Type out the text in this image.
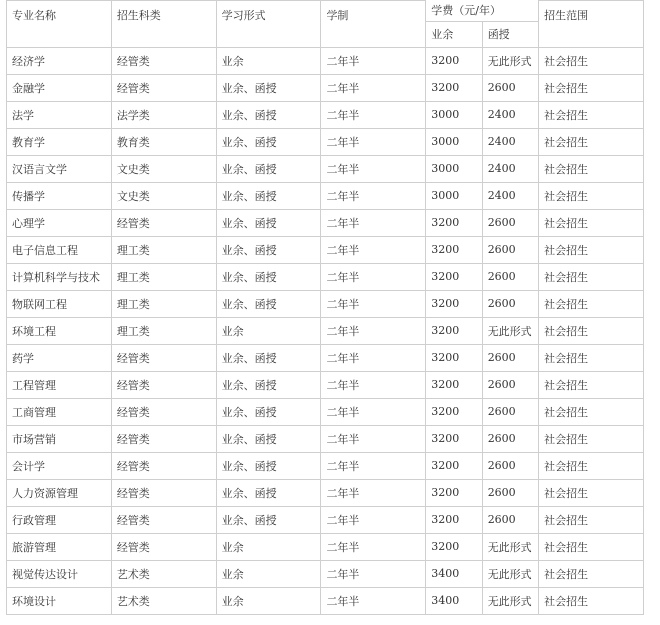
专业名称	招生科类	学习形式	学制	学费（元/年）		招生范围
				业余	函授	
经济学	经管类	业余	二年半	3200	无此形式	社会招生
金融学	经管类	业余、函授	二年半	3200	2600	社会招生
法学	法学类	业余、函授	二年半	3000	2400	社会招生
教育学	教育类	业余、函授	二年半	3000	2400	社会招生
汉语言文学	文史类	业余、函授	二年半	3000	2400	社会招生
传播学	文史类	业余、函授	二年半	3000	2400	社会招生
心理学	经管类	业余、函授	二年半	3200	2600	社会招生
电子信息工程	理工类	业余、函授	二年半	3200	2600	社会招生
计算机科学与技术	理工类	业余、函授	二年半	3200	2600	社会招生
物联网工程	理工类	业余、函授	二年半	3200	2600	社会招生
环境工程	理工类	业余	二年半	3200	无此形式	社会招生
药学	经管类	业余、函授	二年半	3200	2600	社会招生
工程管理	经管类	业余、函授	二年半	3200	2600	社会招生
工商管理	经管类	业余、函授	二年半	3200	2600	社会招生
市场营销	经管类	业余、函授	二年半	3200	2600	社会招生
会计学	经管类	业余、函授	二年半	3200	2600	社会招生
人力资源管理	经管类	业余、函授	二年半	3200	2600	社会招生
行政管理	经管类	业余、函授	二年半	3200	2600	社会招生
旅游管理	经管类	业余	二年半	3200	无此形式	社会招生
视觉传达设计	艺术类	业余	二年半	3400	无此形式	社会招生
环境设计	艺术类	业余	二年半	3400	无此形式	社会招生
